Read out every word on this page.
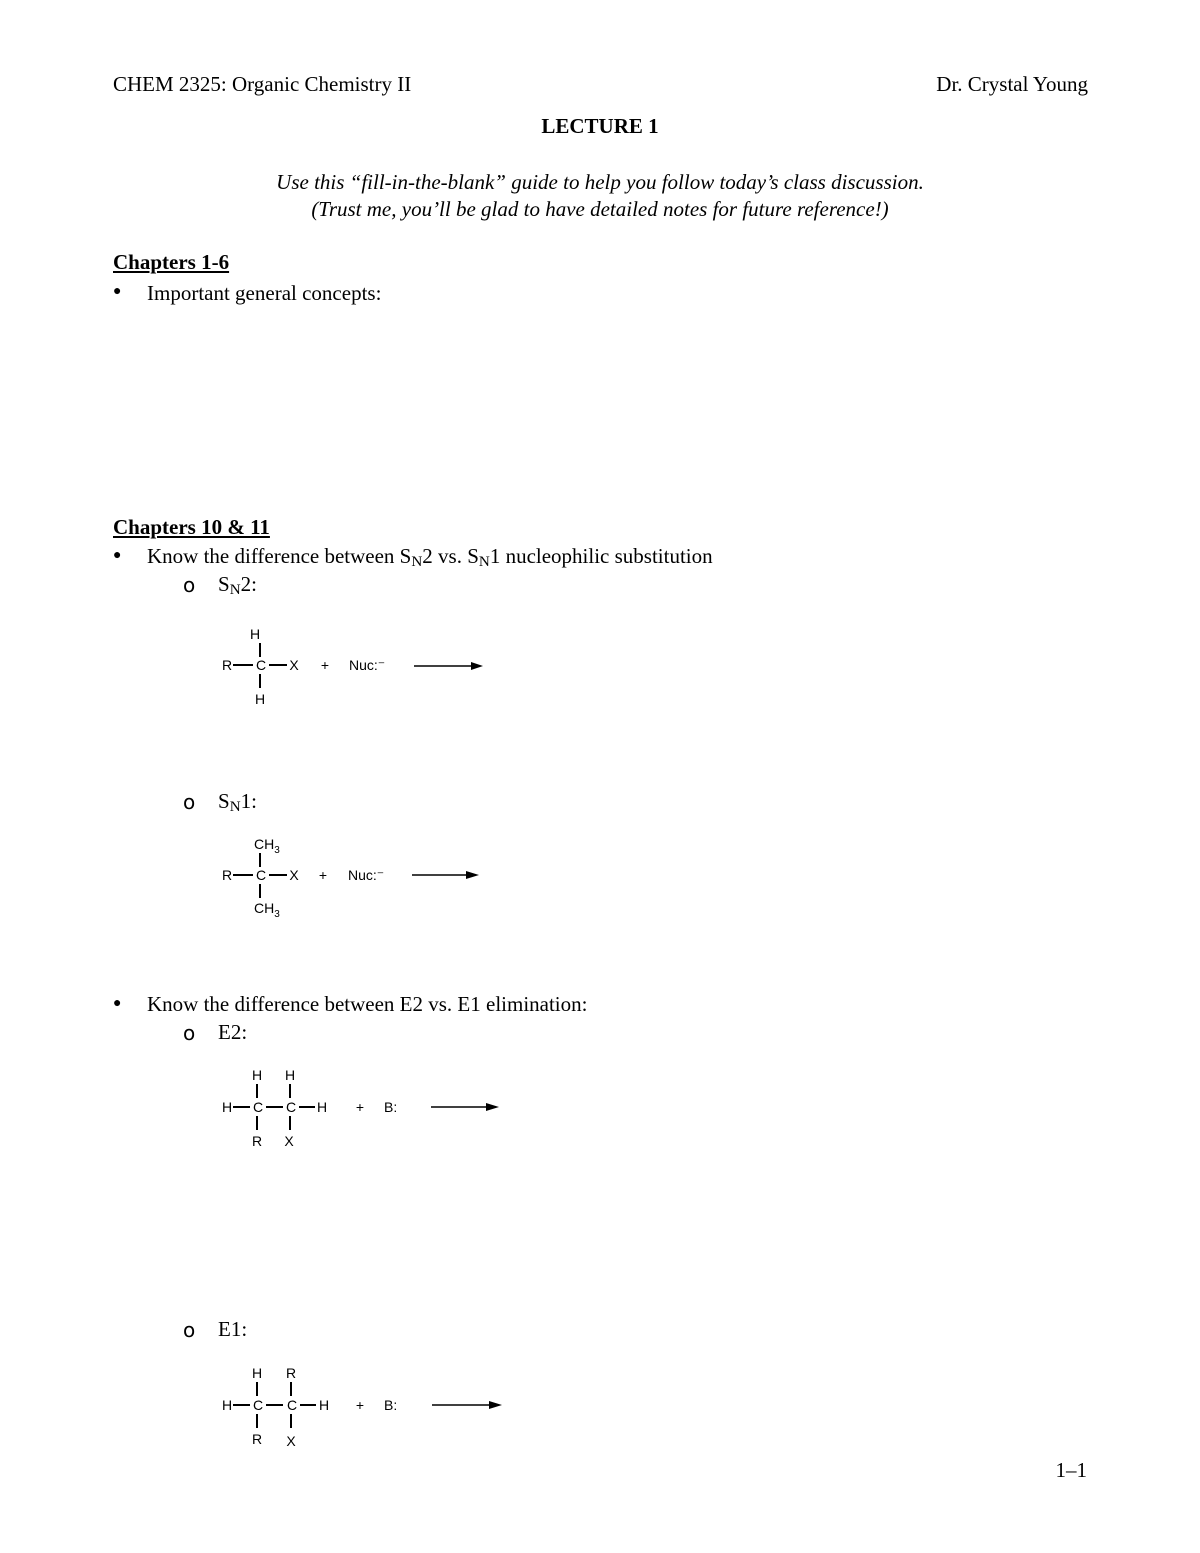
CHEM 2325: Organic Chemistry II	Dr. Crystal Young
LECTURE 1
Use this “fill-in-the-blank” guide to help you follow today’s class discussion.
(Trust me, you’ll be glad to have detailed notes for future reference!)
Chapters 1-6
● Important general concepts:
Chapters 10 & 11
● Know the difference between $S_N2$ vs. $S_N1$ nucleophilic substitution
o $S_N2$:
H
R C X
H
+ Nuc:⁻
o $S_N1$:
$CH_3$
R C X
$CH_3$
+ Nuc:⁻
● Know the difference between E2 vs. E1 elimination:
o E2:
H H
H C C H
R X
+ B:
o E1:
H R
H C C H
R X
+ B:
1–1
